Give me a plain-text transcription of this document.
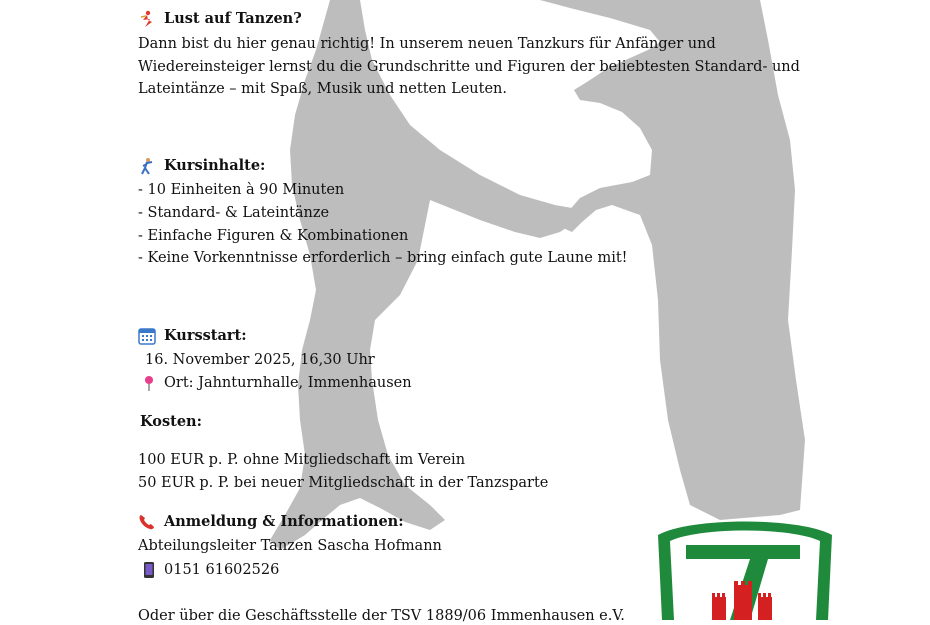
Lust auf Tanzen?
Dann bist du hier genau richtig! In unserem neuen Tanzkurs für Anfänger und
Wiedereinsteiger lernst du die Grundschritte und Figuren der beliebtesten Standard- und
Lateintänze – mit Spaß, Musik und netten Leuten.
Kursinhalte:
- 10 Einheiten à 90 Minuten
- Standard- & Lateintänze
- Einfache Figuren & Kombinationen
- Keine Vorkenntnisse erforderlich – bring einfach gute Laune mit!
Kursstart:
16. November 2025, 16,30 Uhr
Ort: Jahnturnhalle, Immenhausen
Kosten:
100 EUR p. P. ohne Mitgliedschaft im Verein
50 EUR p. P. bei neuer Mitgliedschaft in der Tanzsparte
Anmeldung & Informationen:
Abteilungsleiter Tanzen Sascha Hofmann
0151 61602526
Oder über die Geschäftsstelle der TSV 1889/06 Immenhausen e.V.
